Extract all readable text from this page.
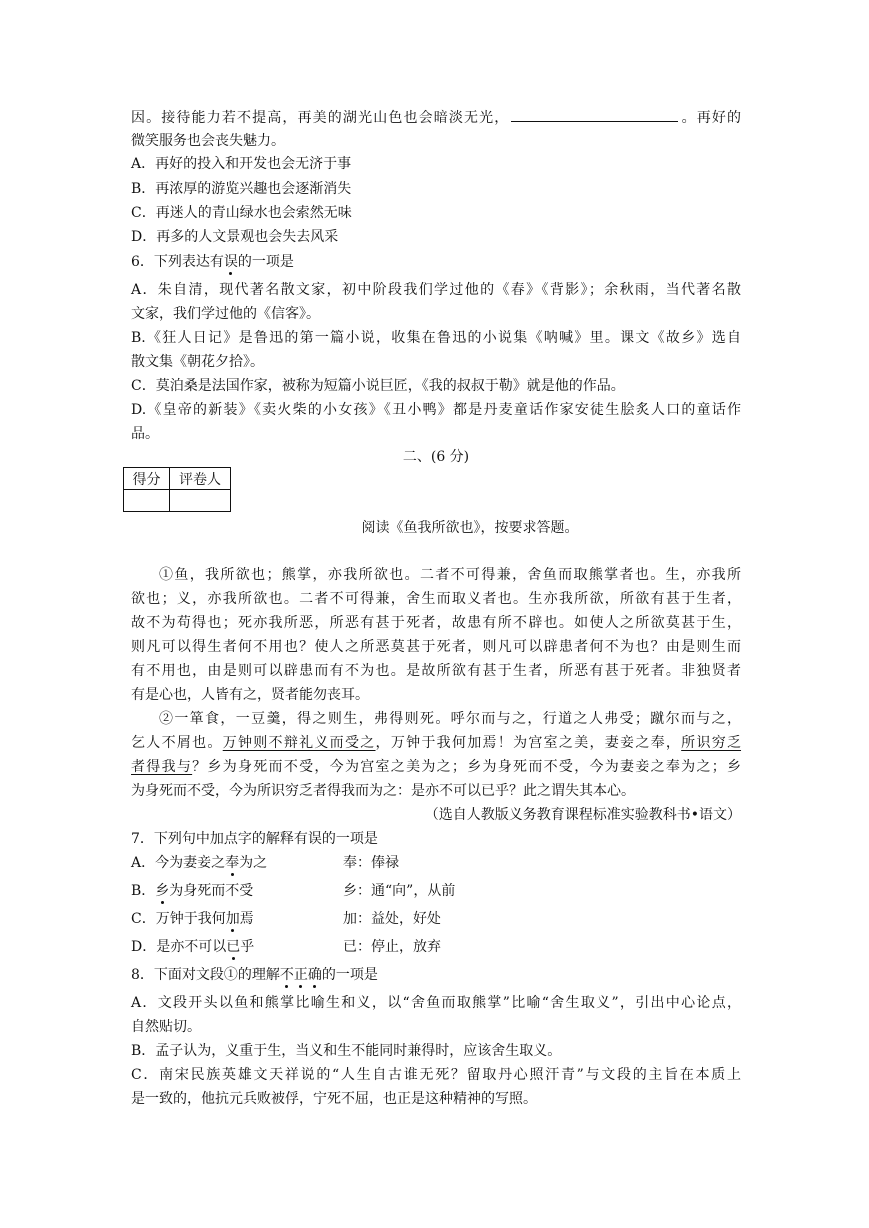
因。接待能力若不提高，再美的湖光山色也会暗淡无光，	。再好的
微笑服务也会丧失魅力。
A．再好的投入和开发也会无济于事
B．再浓厚的游览兴趣也会逐渐消失
C．再迷人的青山绿水也会索然无味
D．再多的人文景观也会失去风采
6．下列表达有误的一项是
A．朱自清，现代著名散文家，初中阶段我们学过他的《春》《背影》；余秋雨，当代著名散
文家，我们学过他的《信客》。
B.《狂人日记》是鲁迅的第一篇小说，收集在鲁迅的小说集《呐喊》里。课文《故乡》选自
散文集《朝花夕拾》。
C．莫泊桑是法国作家，被称为短篇小说巨匠，《我的叔叔于勒》就是他的作品。
D.《皇帝的新装》《卖火柴的小女孩》《丑小鸭》都是丹麦童话作家安徒生脍炙人口的童话作
品。
二、(6 分)
得分	评卷人

阅读《鱼我所欲也》，按要求答题。
①鱼，我所欲也；熊掌，亦我所欲也。二者不可得兼，舍鱼而取熊掌者也。生，亦我所
欲也；义，亦我所欲也。二者不可得兼，舍生而取义者也。生亦我所欲，所欲有甚于生者，
故不为苟得也；死亦我所恶，所恶有甚于死者，故患有所不辟也。如使人之所欲莫甚于生，
则凡可以得生者何不用也？使人之所恶莫甚于死者，则凡可以辟患者何不为也？由是则生而
有不用也，由是则可以辟患而有不为也。是故所欲有甚于生者，所恶有甚于死者。非独贤者
有是心也，人皆有之，贤者能勿丧耳。
②一箪食，一豆羹，得之则生，弗得则死。呼尔而与之，行道之人弗受；蹴尔而与之，
乞人不屑也。万钟则不辩礼义而受之，万钟于我何加焉！为宫室之美，妻妾之奉，所识穷乏
者得我与？乡为身死而不受，今为宫室之美为之；乡为身死而不受，今为妻妾之奉为之；乡
为身死而不受，今为所识穷乏者得我而为之：是亦不可以已乎？此之谓失其本心。
（选自人教版义务教育课程标准实验教科书•语文）
7．下列句中加点字的解释有误的一项是
A．今为妻妾之奉为之	奉：俸禄
B．乡为身死而不受	乡：通“向”，从前
C．万钟于我何加焉	加：益处，好处
D．是亦不可以已乎	已：停止，放弃
8．下面对文段①的理解不正确的一项是
A．文段开头以鱼和熊掌比喻生和义，以“舍鱼而取熊掌”比喻“舍生取义”，引出中心论点，
自然贴切。
B．孟子认为，义重于生，当义和生不能同时兼得时，应该舍生取义。
C．南宋民族英雄文天祥说的“人生自古谁无死？留取丹心照汗青”与文段的主旨在本质上
是一致的，他抗元兵败被俘，宁死不屈，也正是这种精神的写照。
